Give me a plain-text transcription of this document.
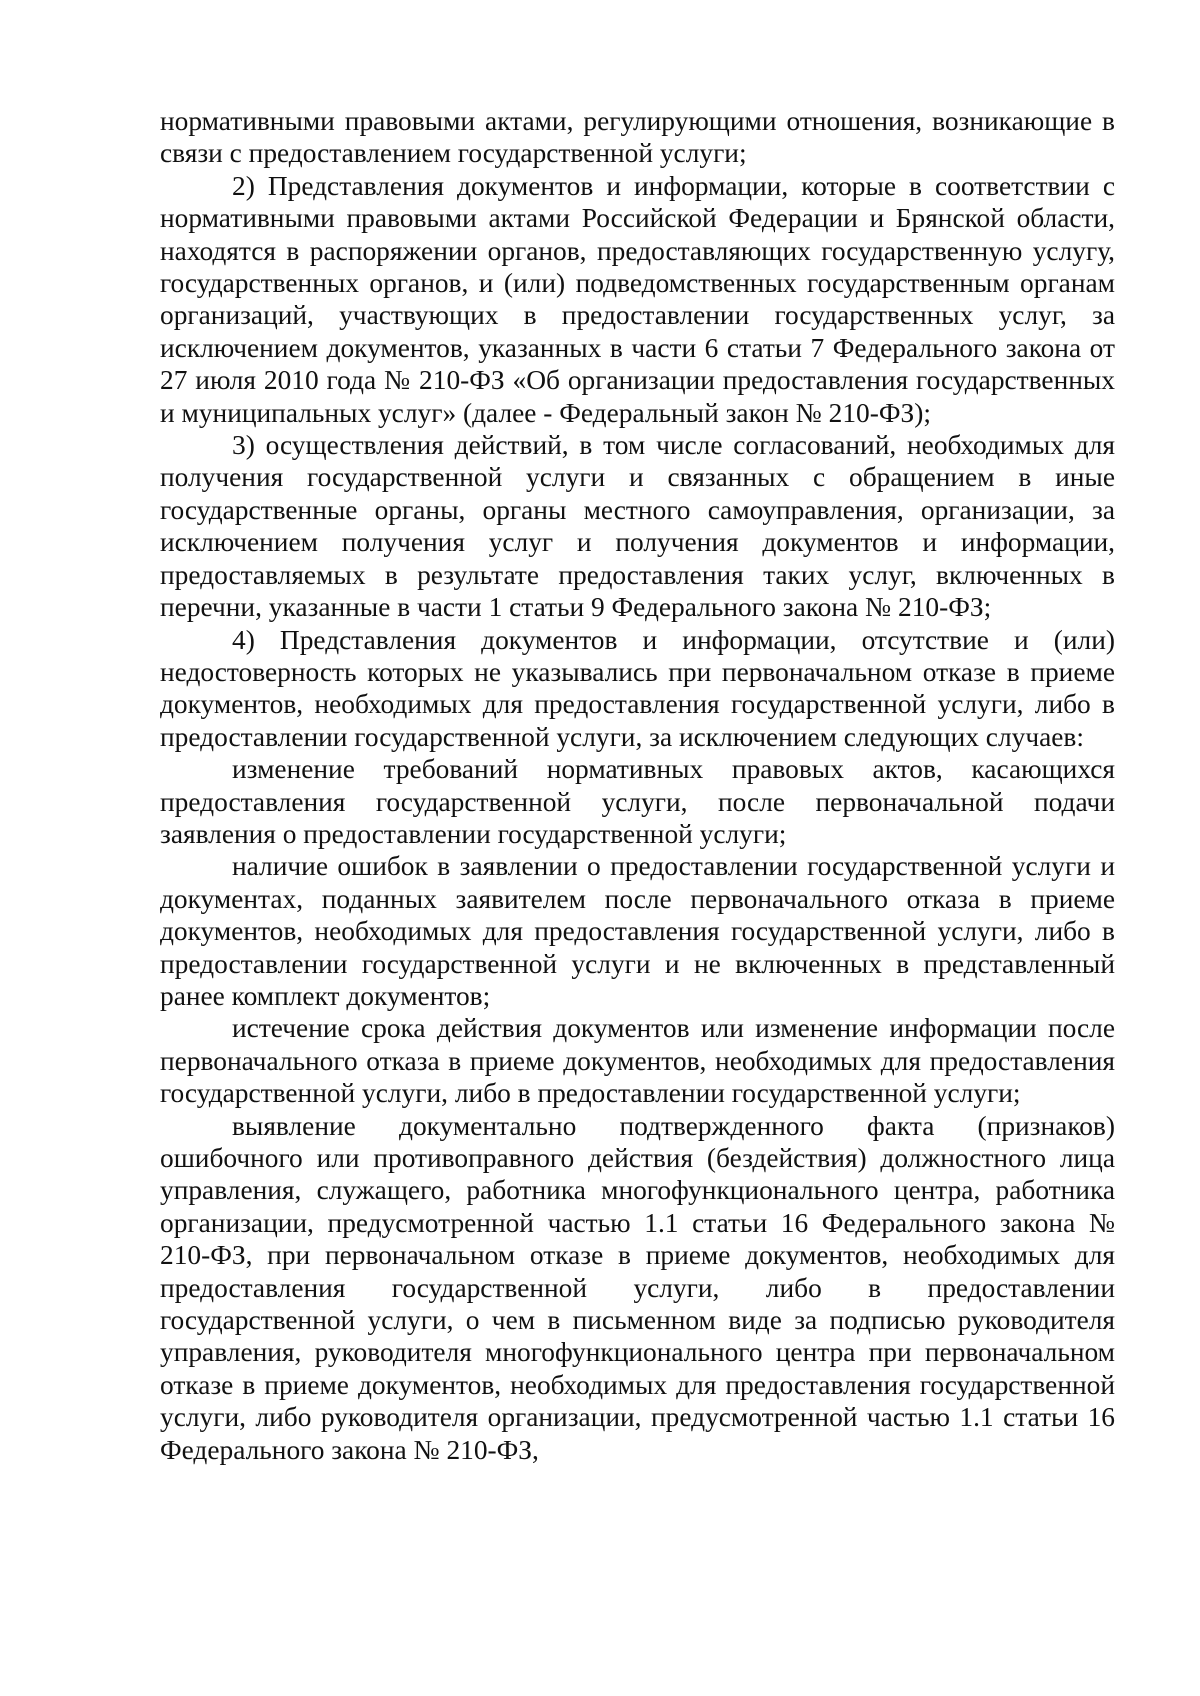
нормативными правовыми актами, регулирующими отношения, возникающие в связи с предоставлением государственной услуги;

2) Представления документов и информации, которые в соответствии с нормативными правовыми актами Российской Федерации и Брянской области, находятся в распоряжении органов, предоставляющих государственную услугу, государственных органов, и (или) подведомственных государственным органам организаций, участвующих в предоставлении государственных услуг, за исключением документов, указанных в части 6 статьи 7 Федерального закона от 27 июля 2010 года № 210-ФЗ «Об организации предоставления государственных и муниципальных услуг» (далее - Федеральный закон № 210-ФЗ);

3) осуществления действий, в том числе согласований, необходимых для получения государственной услуги и связанных с обращением в иные государственные органы, органы местного самоуправления, организации, за исключением получения услуг и получения документов и информации, предоставляемых в результате предоставления таких услуг, включенных в перечни, указанные в части 1 статьи 9 Федерального закона № 210-ФЗ;

4) Представления документов и информации, отсутствие и (или) недостоверность которых не указывались при первоначальном отказе в приеме документов, необходимых для предоставления государственной услуги, либо в предоставлении государственной услуги, за исключением следующих случаев:

изменение требований нормативных правовых актов, касающихся предоставления государственной услуги, после первоначальной подачи заявления о предоставлении государственной услуги;

наличие ошибок в заявлении о предоставлении государственной услуги и документах, поданных заявителем после первоначального отказа в приеме документов, необходимых для предоставления государственной услуги, либо в предоставлении государственной услуги и не включенных в представленный ранее комплект документов;

истечение срока действия документов или изменение информации после первоначального отказа в приеме документов, необходимых для предоставления государственной услуги, либо в предоставлении государственной услуги;

выявление документально подтвержденного факта (признаков) ошибочного или противоправного действия (бездействия) должностного лица управления, служащего, работника многофункционального центра, работника организации, предусмотренной частью 1.1 статьи 16 Федерального закона № 210-ФЗ, при первоначальном отказе в приеме документов, необходимых для предоставления государственной услуги, либо в предоставлении государственной услуги, о чем в письменном виде за подписью руководителя управления, руководителя многофункционального центра при первоначальном отказе в приеме документов, необходимых для предоставления государственной услуги, либо руководителя организации, предусмотренной частью 1.1 статьи 16 Федерального закона № 210-ФЗ,
